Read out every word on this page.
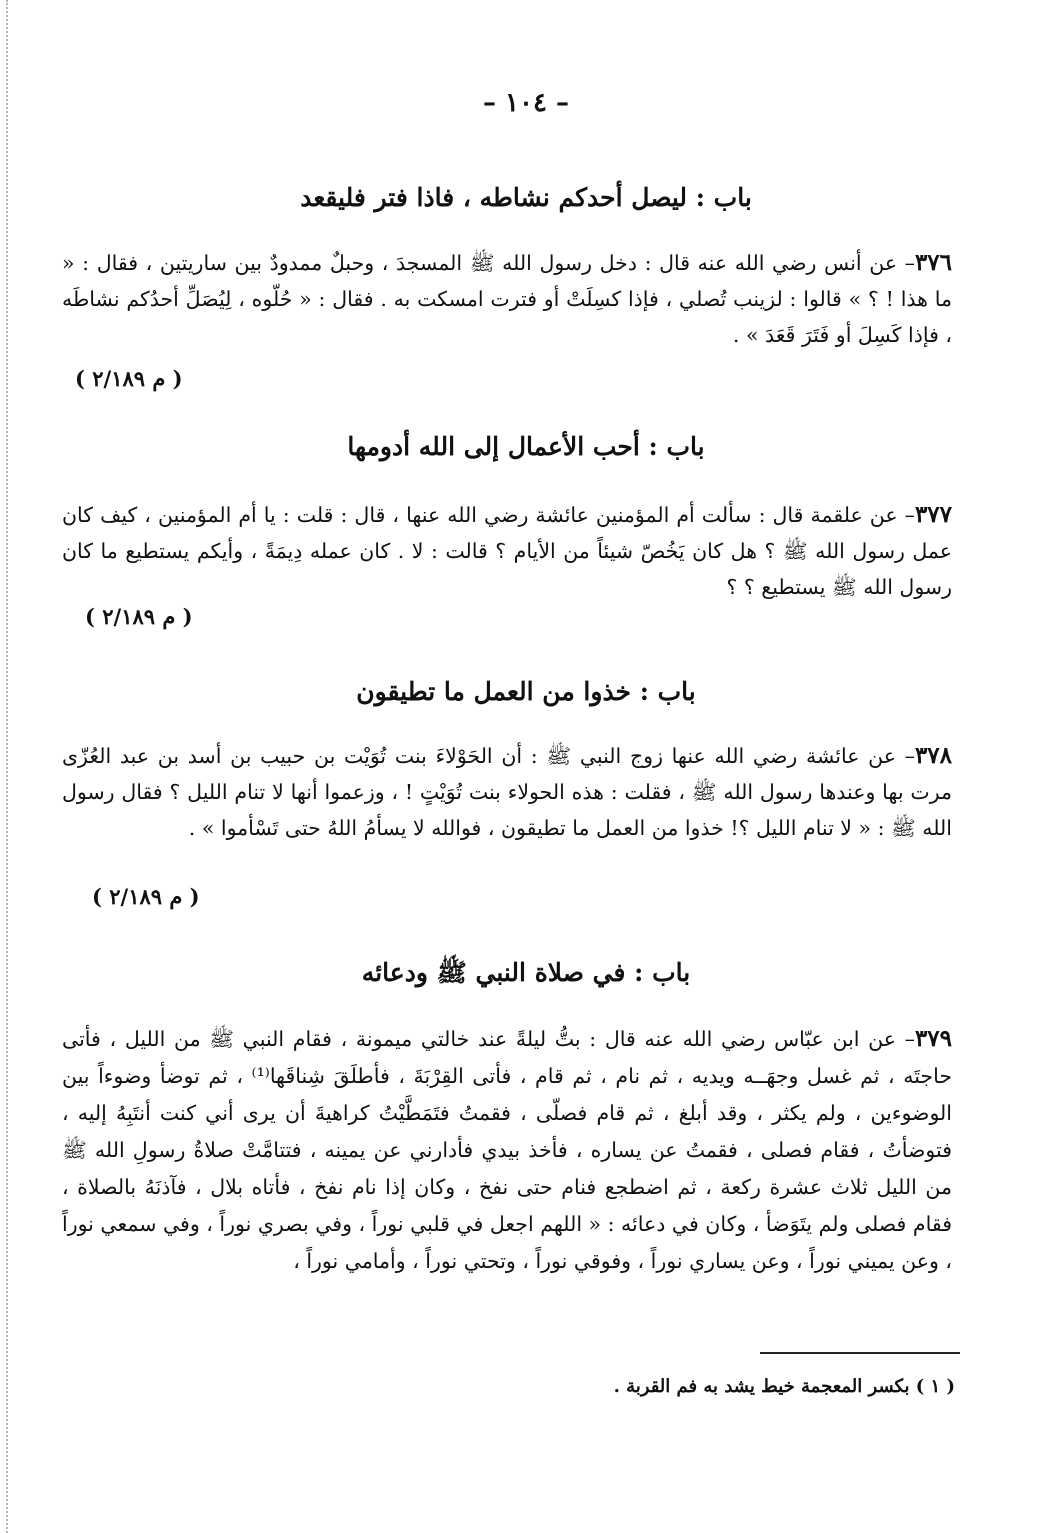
– ١٠٤ –
باب : ليصل أحدكم نشاطه ، فاذا فتر فليقعد
٣٧٦– عن أنس رضي الله عنه قال : دخل رسول الله ﷺ المسجدَ ، وحبلٌ ممدودٌ بين ساريتين ، فقال : « ما هذا ! ؟ » قالوا : لزينب تُصلي ، فإذا كسِلَتْ أو فترت امسكت به . فقال : « حُلّوه ، لِيُصَلِّ أحدُكم نشاطَه ، فإذا كَسِلَ أو فَتَرَ قَعَدَ » .
( م ٢/١٨٩ )
باب : أحب الأعمال إلى الله أدومها
٣٧٧– عن علقمة قال : سألت أم المؤمنين عائشة رضي الله عنها ، قال : قلت : يا أم المؤمنين ، كيف كان عمل رسول الله ﷺ ؟ هل كان يَخُصّ شيئاً من الأيام ؟ قالت : لا . كان عمله دِيمَةً ، وأيكم يستطيع ما كان رسول الله ﷺ يستطيع ؟ ؟
( م ٢/١٨٩ )
باب : خذوا من العمل ما تطيقون
٣٧٨– عن عائشة رضي الله عنها زوج النبي ﷺ : أن الحَوْلاءَ بنت تُوَيْت بن حبيب بن أسد بن عبد العُزّى مرت بها وعندها رسول الله ﷺ ، فقلت : هذه الحولاء بنت تُوَيْتٍ ! ، وزعموا أنها لا تنام الليل ؟ فقال رسول الله ﷺ : « لا تنام الليل ؟! خذوا من العمل ما تطيقون ، فوالله لا يسأمُ اللهُ حتى تَسْأموا » .
( م ٢/١٨٩ )
باب : في صلاة النبي ﷺ ودعائه
٣٧٩– عن ابن عبّاس رضي الله عنه قال : بتُّ ليلةً عند خالتي ميمونة ، فقام النبي ﷺ من الليل ، فأتى حاجتَه ، ثم غسل وجهَــه ويديه ، ثم نام ، ثم قام ، فأتى القِرْبَةَ ، فأطلَقَ شِناقَها⁽¹⁾ ، ثم توضأ وضوءاً بين الوضوءين ، ولم يكثر ، وقد أبلغ ، ثم قام فصلّى ، فقمتُ فتَمَطَّيْتُ كراهيةَ أن يرى أني كنت أنتَبِهُ إليه ، فتوضأتُ ، فقام فصلى ، فقمتُ عن يساره ، فأخذ بيدي فأدارني عن يمينه ، فتتامَّتْ صلاةُ رسولِ الله ﷺ من الليل ثلاث عشرة ركعة ، ثم اضطجع فنام حتى نفخ ، وكان إذا نام نفخ ، فأتاه بلال ، فآذنَهُ بالصلاة ، فقام فصلى ولم يتَوَضأ ، وكان في دعائه : « اللهم اجعل في قلبي نوراً ، وفي بصري نوراً ، وفي سمعي نوراً ، وعن يميني نوراً ، وعن يساري نوراً ، وفوقي نوراً ، وتحتي نوراً ، وأمامي نوراً ،
( ١ ) بكسر المعجمة خيط يشد به فم القربة .
